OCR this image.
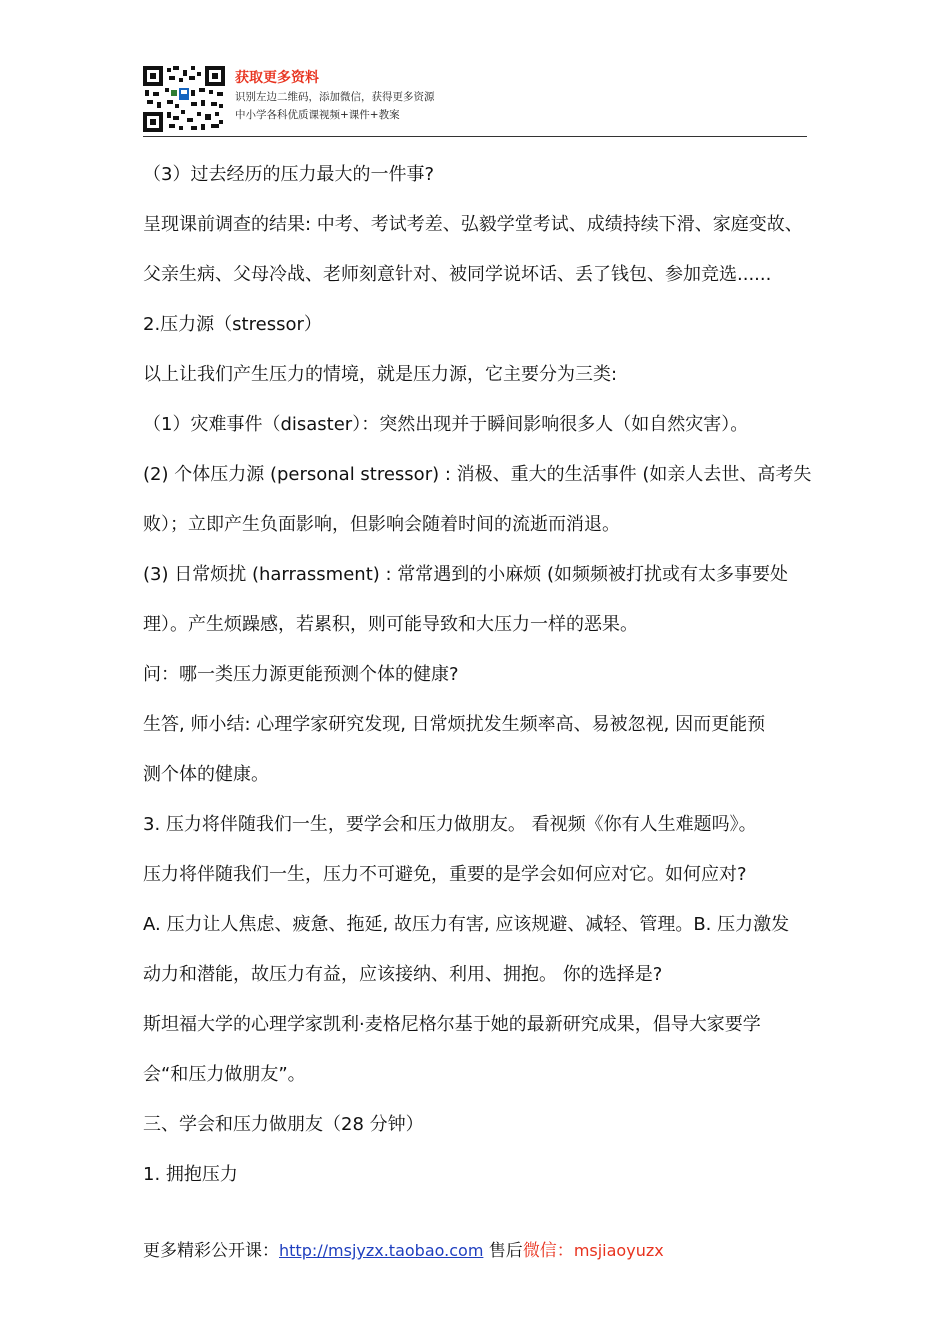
获取更多资料
识别左边二维码，添加微信，获得更多资源
中小学各科优质课视频+课件+教案

（3）过去经历的压力最大的一件事?

呈现课前调查的结果: 中考、考试考差、弘毅学堂考试、成绩持续下滑、家庭变故、

父亲生病、父母冷战、老师刻意针对、被同学说坏话、丢了钱包、参加竞选......

2.压力源（stressor）

以上让我们产生压力的情境，就是压力源，它主要分为三类:

（1）灾难事件（disaster）：突然出现并于瞬间影响很多人（如自然灾害）。

(2) 个体压力源 (personal stressor) : 消极、重大的生活事件 (如亲人去世、高考失

败）；立即产生负面影响，但影响会随着时间的流逝而消退。

(3) 日常烦扰 (harrassment) : 常常遇到的小麻烦 (如频频被打扰或有太多事要处

理）。产生烦躁感，若累积，则可能导致和大压力一样的恶果。

问：哪一类压力源更能预测个体的健康?

生答, 师小结: 心理学家研究发现, 日常烦扰发生频率高、易被忽视, 因而更能预

测个体的健康。

3. 压力将伴随我们一生，要学会和压力做朋友。 看视频《你有人生难题吗》。

压力将伴随我们一生，压力不可避免，重要的是学会如何应对它。如何应对?

A. 压力让人焦虑、疲惫、拖延, 故压力有害, 应该规避、减轻、管理。B. 压力激发

动力和潜能，故压力有益，应该接纳、利用、拥抱。 你的选择是?

斯坦福大学的心理学家凯利·麦格尼格尔基于她的最新研究成果，倡导大家要学

会“和压力做朋友”。

三、学会和压力做朋友（28 分钟）

1. 拥抱压力

更多精彩公开课：http://msjyzx.taobao.com 售后微信：msjiaoyuzx
